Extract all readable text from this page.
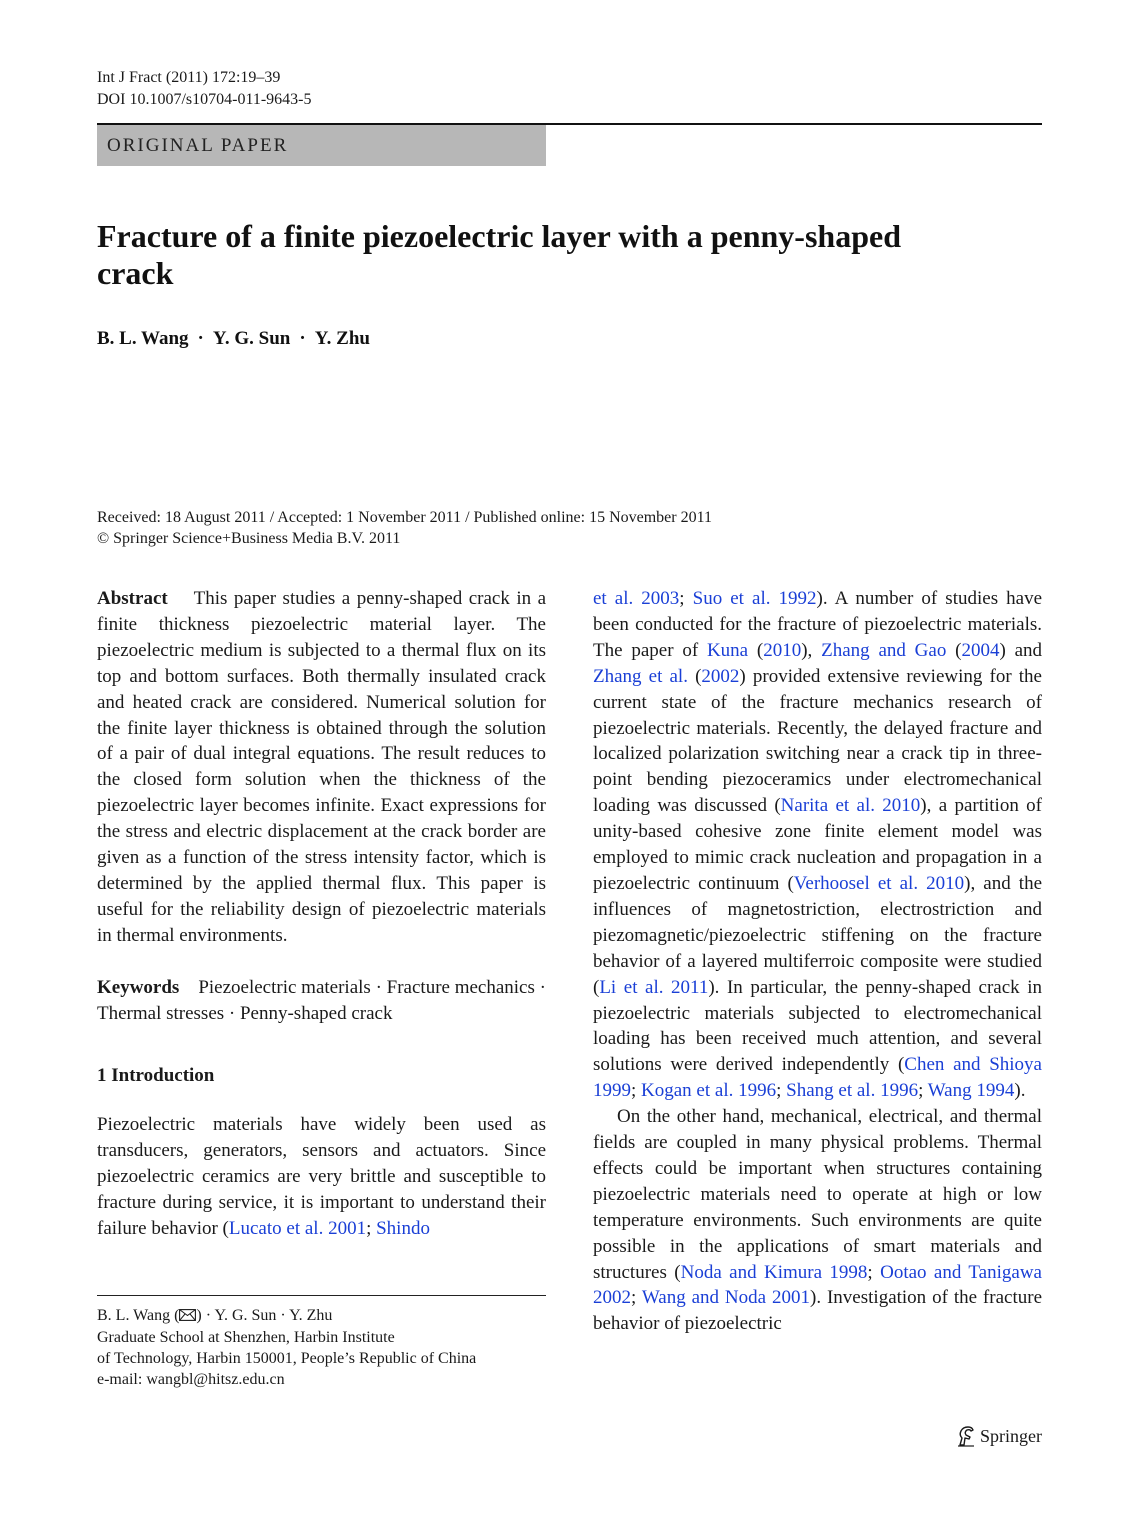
Int J Fract (2011) 172:19–39
DOI 10.1007/s10704-011-9643-5
ORIGINAL PAPER
Fracture of a finite piezoelectric layer with a penny-shaped crack
B. L. Wang · Y. G. Sun · Y. Zhu
Received: 18 August 2011 / Accepted: 1 November 2011 / Published online: 15 November 2011
© Springer Science+Business Media B.V. 2011

Abstract This paper studies a penny-shaped crack in a finite thickness piezoelectric material layer. The piezoelectric medium is subjected to a thermal flux on its top and bottom surfaces. Both thermally insulated crack and heated crack are considered. Numerical solution for the finite layer thickness is obtained through the solution of a pair of dual integral equations. The result reduces to the closed form solution when the thickness of the piezoelectric layer becomes infinite. Exact expressions for the stress and electric displacement at the crack border are given as a function of the stress intensity factor, which is determined by the applied thermal flux. This paper is useful for the reliability design of piezoelectric materials in thermal environments.

Keywords Piezoelectric materials · Fracture mechanics · Thermal stresses · Penny-shaped crack

1 Introduction

Piezoelectric materials have widely been used as transducers, generators, sensors and actuators. Since piezoelectric ceramics are very brittle and susceptible to fracture during service, it is important to understand their failure behavior (Lucato et al. 2001; Shindo

B. L. Wang ( ) · Y. G. Sun · Y. Zhu
Graduate School at Shenzhen, Harbin Institute
of Technology, Harbin 150001, People’s Republic of China
e-mail: wangbl@hitsz.edu.cn

et al. 2003; Suo et al. 1992). A number of studies have been conducted for the fracture of piezoelectric materials. The paper of Kuna (2010), Zhang and Gao (2004) and Zhang et al. (2002) provided extensive reviewing for the current state of the fracture mechanics research of piezoelectric materials. Recently, the delayed fracture and localized polarization switching near a crack tip in three-point bending piezoceramics under electromechanical loading was discussed (Narita et al. 2010), a partition of unity-based cohesive zone finite element model was employed to mimic crack nucleation and propagation in a piezoelectric continuum (Verhoosel et al. 2010), and the influences of magnetostriction, electrostriction and piezomagnetic/piezoelectric stiffening on the fracture behavior of a layered multiferroic composite were studied (Li et al. 2011). In particular, the penny-shaped crack in piezoelectric materials subjected to electromechanical loading has been received much attention, and several solutions were derived independently (Chen and Shioya 1999; Kogan et al. 1996; Shang et al. 1996; Wang 1994).

On the other hand, mechanical, electrical, and thermal fields are coupled in many physical problems. Thermal effects could be important when structures containing piezoelectric materials need to operate at high or low temperature environments. Such environments are quite possible in the applications of smart materials and structures (Noda and Kimura 1998; Ootao and Tanigawa 2002; Wang and Noda 2001). Investigation of the fracture behavior of piezoelectric

Springer
